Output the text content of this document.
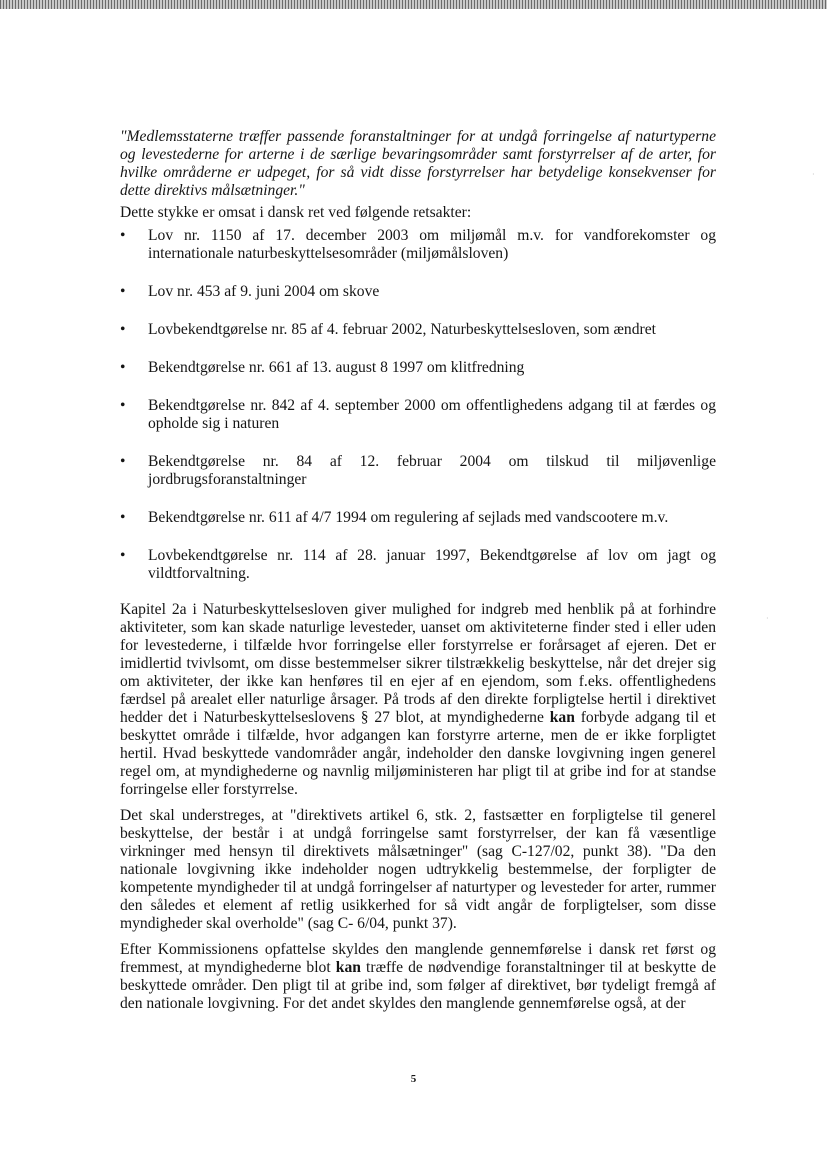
·
·

"Medlemsstaterne træffer passende foranstaltninger for at undgå forringelse af naturtyperne og levestederne for arterne i de særlige bevaringsområder samt forstyrrelser af de arter, for hvilke områderne er udpeget, for så vidt disse forstyrrelser har betydelige konsekvenser for dette direktivs målsætninger."

Dette stykke er omsat i dansk ret ved følgende retsakter:

• Lov nr. 1150 af 17. december 2003 om miljømål m.v. for vandforekomster og internationale naturbeskyttelsesområder (miljømålsloven)
• Lov nr. 453 af 9. juni 2004 om skove
• Lovbekendtgørelse nr. 85 af 4. februar 2002, Naturbeskyttelsesloven, som ændret
• Bekendtgørelse nr. 661 af 13. august 8 1997 om klitfredning
• Bekendtgørelse nr. 842 af 4. september 2000 om offentlighedens adgang til at færdes og opholde sig i naturen
• Bekendtgørelse nr. 84 af 12. februar 2004 om tilskud til miljøvenlige jordbrugsforanstaltninger
• Bekendtgørelse nr. 611 af 4/7 1994 om regulering af sejlads med vandscootere m.v.
• Lovbekendtgørelse nr. 114 af 28. januar 1997, Bekendtgørelse af lov om jagt og vildtforvaltning.

Kapitel 2a i Naturbeskyttelsesloven giver mulighed for indgreb med henblik på at forhindre aktiviteter, som kan skade naturlige levesteder, uanset om aktiviteterne finder sted i eller uden for levestederne, i tilfælde hvor forringelse eller forstyrrelse er forårsaget af ejeren. Det er imidlertid tvivlsomt, om disse bestemmelser sikrer tilstrækkelig beskyttelse, når det drejer sig om aktiviteter, der ikke kan henføres til en ejer af en ejendom, som f.eks. offentlighedens færdsel på arealet eller naturlige årsager. På trods af den direkte forpligtelse hertil i direktivet hedder det i Naturbeskyttelseslovens § 27 blot, at myndighederne kan forbyde adgang til et beskyttet område i tilfælde, hvor adgangen kan forstyrre arterne, men de er ikke forpligtet hertil. Hvad beskyttede vandområder angår, indeholder den danske lovgivning ingen generel regel om, at myndighederne og navnlig miljøministeren har pligt til at gribe ind for at standse forringelse eller forstyrrelse.

Det skal understreges, at "direktivets artikel 6, stk. 2, fastsætter en forpligtelse til generel beskyttelse, der består i at undgå forringelse samt forstyrrelser, der kan få væsentlige virkninger med hensyn til direktivets målsætninger" (sag C-127/02, punkt 38). "Da den nationale lovgivning ikke indeholder nogen udtrykkelig bestemmelse, der forpligter de kompetente myndigheder til at undgå forringelser af naturtyper og levesteder for arter, rummer den således et element af retlig usikkerhed for så vidt angår de forpligtelser, som disse myndigheder skal overholde" (sag C- 6/04, punkt 37).

Efter Kommissionens opfattelse skyldes den manglende gennemførelse i dansk ret først og fremmest, at myndighederne blot kan træffe de nødvendige foranstaltninger til at beskytte de beskyttede områder. Den pligt til at gribe ind, som følger af direktivet, bør tydeligt fremgå af den nationale lovgivning. For det andet skyldes den manglende gennemførelse også, at der

5
